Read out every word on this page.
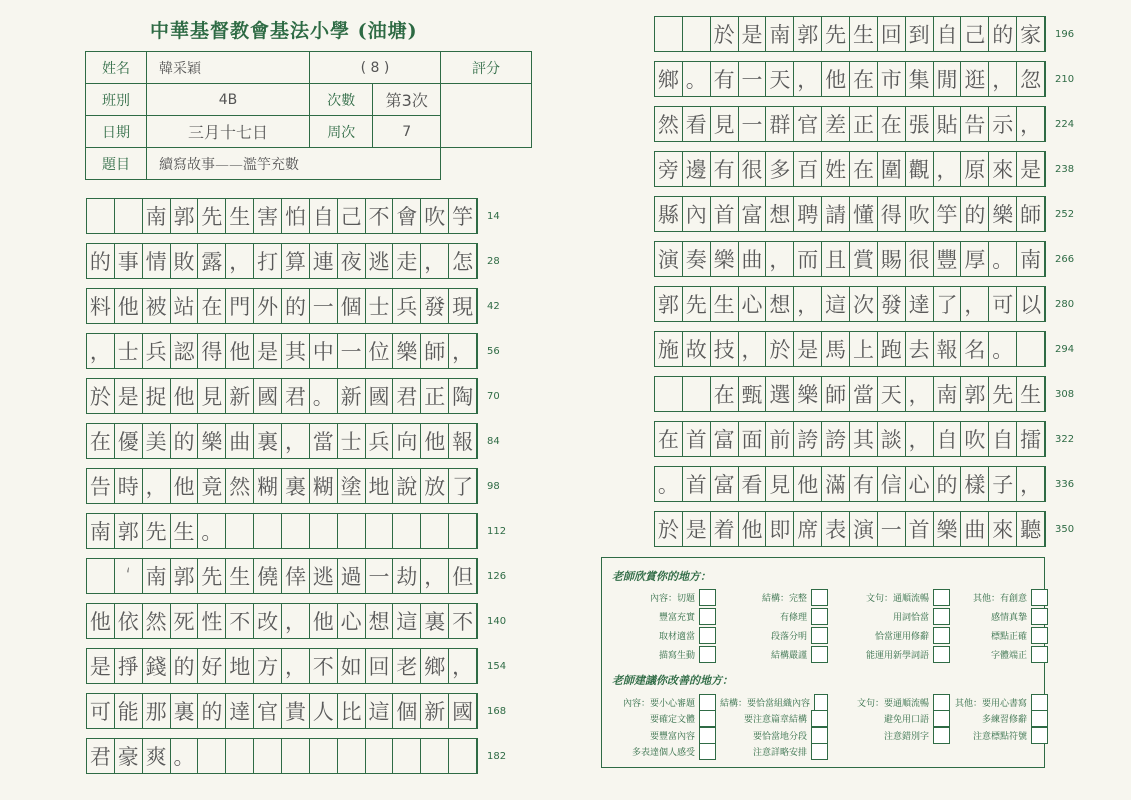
中華基督教會基法小學 (油塘)
姓名	韓采穎	( 8 )		評分
班別	4B	次數	第3次	
日期	三月十七日	周次	7	
題目	續寫故事——濫竽充數			
南 郭 先 生 害 怕 自 己 不 會 吹 竽	14
的 事 情 敗 露 ， 打 算 連 夜 逃 走 ， 怎	28
料 他 被 站 在 門 外 的 一 個 士 兵 發 現	42
， 士 兵 認 得 他 是 其 中 一 位 樂 師 ，	56
於 是 捉 他 見 新 國 君 。 新 國 君 正 陶	70
在 優 美 的 樂 曲 裏 ， 當 士 兵 向 他 報	84
告 時 ， 他 竟 然 糊 裏 糊 塗 地 說 放 了	98
南 郭 先 生 。	112
‘ 南 郭 先 生 僥 倖 逃 過 一 劫 ， 但	126
他 依 然 死 性 不 改 ， 他 心 想 這 裏 不	140
是 掙 錢 的 好 地 方 ， 不 如 回 老 鄉 ，	154
可 能 那 裏 的 達 官 貴 人 比 這 個 新 國	168
君 豪 爽 。	182
於 是 南 郭 先 生 回 到 自 己 的 家	196
鄉 。 有 一 天 ， 他 在 市 集 閒 逛 ， 忽	210
然 看 見 一 群 官 差 正 在 張 貼 告 示 ，	224
旁 邊 有 很 多 百 姓 在 圍 觀 ， 原 來 是	238
縣 內 首 富 想 聘 請 懂 得 吹 竽 的 樂 師	252
演 奏 樂 曲 ， 而 且 賞 賜 很 豐 厚 。 南	266
郭 先 生 心 想 ， 這 次 發 達 了 ， 可 以	280
施 故 技 ， 於 是 馬 上 跑 去 報 名 。	294
在 甄 選 樂 師 當 天 ， 南 郭 先 生	308
在 首 富 面 前 誇 誇 其 談 ， 自 吹 自 擂	322
。 首 富 看 見 他 滿 有 信 心 的 樣 子 ，	336
於 是 着 他 即 席 表 演 一 首 樂 曲 來 聽	350
老師欣賞你的地方：
內容：切題	結構：完整	文句：通順流暢	其他：有創意
豐富充實	有條理	用詞恰當	感情真摯
取材適當	段落分明	恰當運用修辭	標點正確
描寫生動	結構嚴謹	能運用新學詞語	字體端正
老師建議你改善的地方：
內容：要小心審題	結構：要恰當組織內容	文句：要通順流暢	其他：要用心書寫
要確定文體	要注意篇章結構	避免用口語	多練習修辭
要豐富內容	要恰當地分段	注意錯別字	注意標點符號
多表達個人感受	注意詳略安排
